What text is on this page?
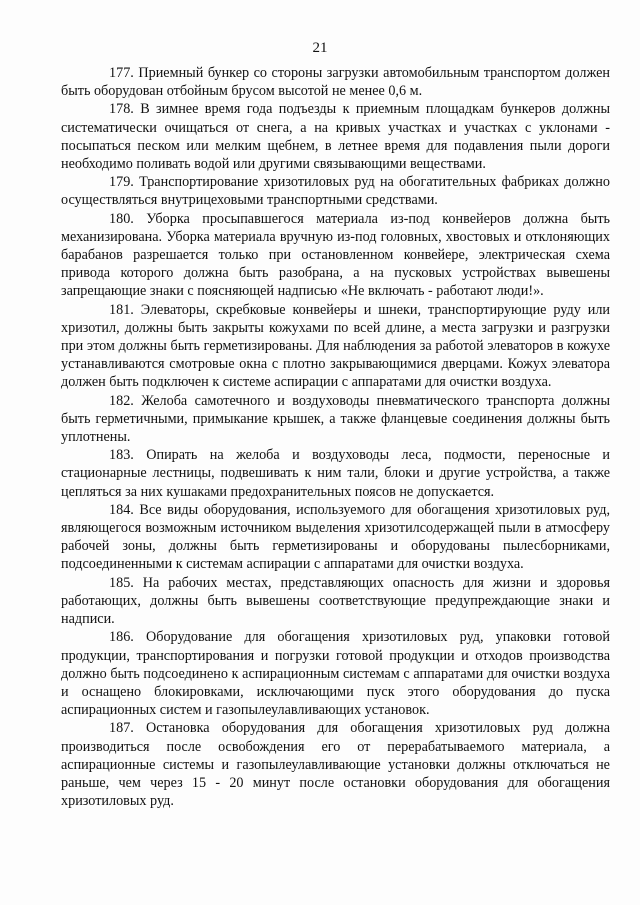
21

177. Приемный бункер со стороны загрузки автомобильным транспортом должен быть оборудован отбойным брусом высотой не менее 0,6 м.

178. В зимнее время года подъезды к приемным площадкам бункеров должны систематически очищаться от снега, а на кривых участках и участках с уклонами - посыпаться песком или мелким щебнем, в летнее время для подавления пыли дороги необходимо поливать водой или другими связывающими веществами.

179. Транспортирование хризотиловых руд на обогатительных фабриках должно осуществляться внутрицеховыми транспортными средствами.

180. Уборка просыпавшегося материала из-под конвейеров должна быть механизирована. Уборка материала вручную из-под головных, хвостовых и отклоняющих барабанов разрешается только при остановленном конвейере, электрическая схема привода которого должна быть разобрана, а на пусковых устройствах вывешены запрещающие знаки с поясняющей надписью «Не включать - работают люди!».

181. Элеваторы, скребковые конвейеры и шнеки, транспортирующие руду или хризотил, должны быть закрыты кожухами по всей длине, а места загрузки и разгрузки при этом должны быть герметизированы. Для наблюдения за работой элеваторов в кожухе устанавливаются смотровые окна с плотно закрывающимися дверцами. Кожух элеватора должен быть подключен к системе аспирации с аппаратами для очистки воздуха.

182. Желоба самотечного и воздуховоды пневматического транспорта должны быть герметичными, примыкание крышек, а также фланцевые соединения должны быть уплотнены.

183. Опирать на желоба и воздуховоды леса, подмости, переносные и стационарные лестницы, подвешивать к ним тали, блоки и другие устройства, а также цепляться за них кушаками предохранительных поясов не допускается.

184. Все виды оборудования, используемого для обогащения хризотиловых руд, являющегося возможным источником выделения хризотилсодержащей пыли в атмосферу рабочей зоны, должны быть герметизированы и оборудованы пылесборниками, подсоединенными к системам аспирации с аппаратами для очистки воздуха.

185. На рабочих местах, представляющих опасность для жизни и здоровья работающих, должны быть вывешены соответствующие предупреждающие знаки и надписи.

186. Оборудование для обогащения хризотиловых руд, упаковки готовой продукции, транспортирования и погрузки готовой продукции и отходов производства должно быть подсоединено к аспирационным системам с аппаратами для очистки воздуха и оснащено блокировками, исключающими пуск этого оборудования до пуска аспирационных систем и газопылеулавливающих установок.

187. Остановка оборудования для обогащения хризотиловых руд должна производиться после освобождения его от перерабатываемого материала, а аспирационные системы и газопылеулавливающие установки должны отключаться не раньше, чем через 15 - 20 минут после остановки оборудования для обогащения хризотиловых руд.
